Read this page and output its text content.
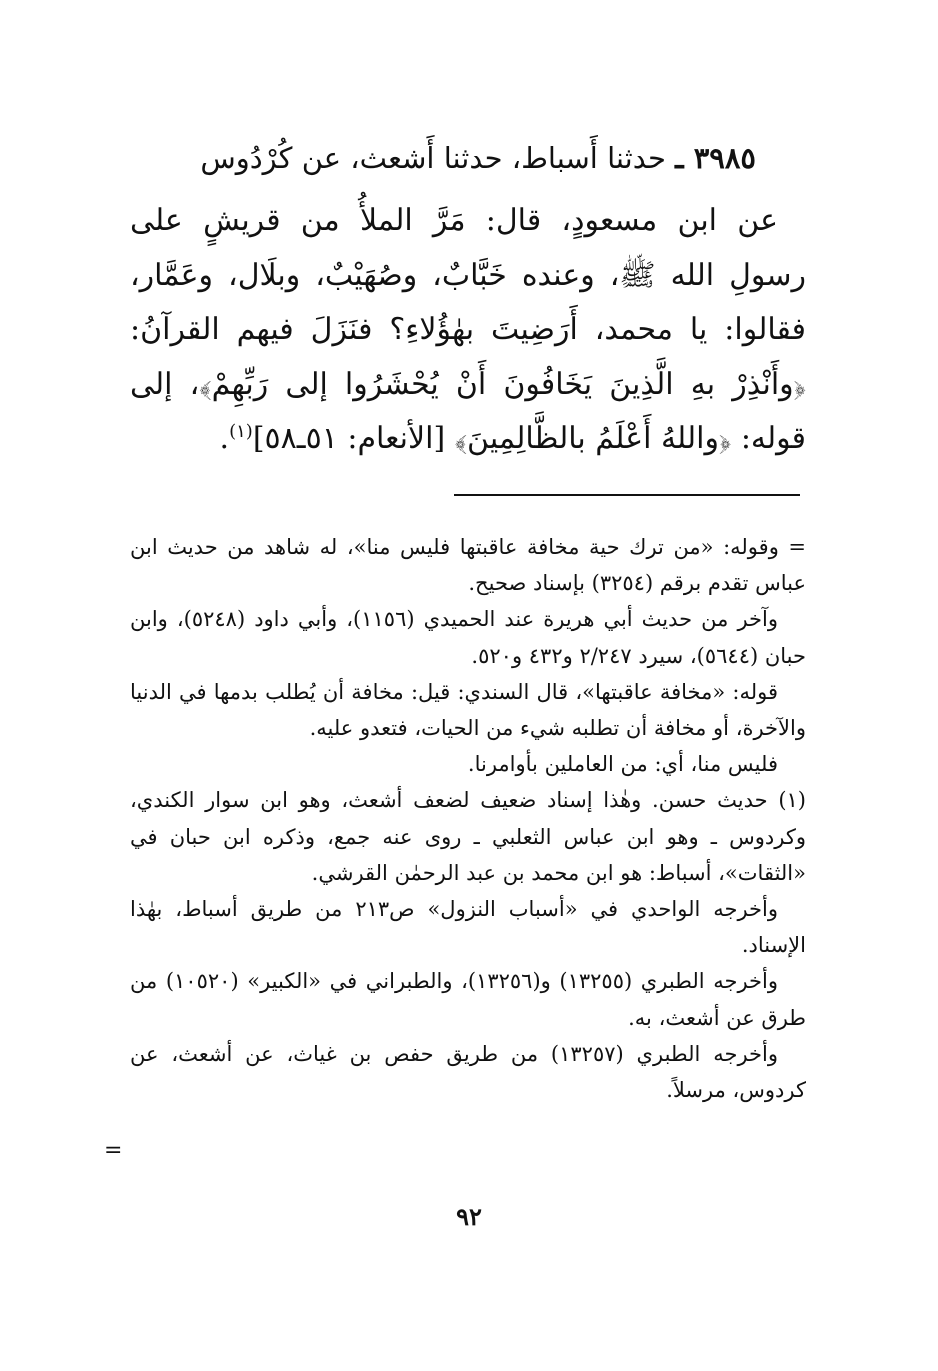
٣٩٨٥ ـ حدثنا أَسباط، حدثنا أَشعث، عن كُرْدُوس

عن ابن مسعودٍ، قال: مَرَّ الملأُ من قريشٍ على رسولِ الله ﷺ، وعنده خَبَّابٌ، وصُهَيْبٌ، وبلَال، وعَمَّار، فقالوا: يا محمد، أَرَضِيتَ بهٰؤُلاءِ؟ فنَزَلَ فيهم القرآنُ: ﴿وأَنْذِرْ بهِ الَّذِينَ يَخَافُونَ أَنْ يُحْشَرُوا إلى رَبِّهِمْ﴾، إلى قوله: ﴿واللهُ أَعْلَمُ بالظَّالِمِينَ﴾ [الأنعام: ٥١ـ٥٨]$^{(١)}$.

= وقوله: «من ترك حية مخافة عاقبتها فليس منا»، له شاهد من حديث ابن عباس تقدم برقم (٣٢٥٤) بإسناد صحيح.

وآخر من حديث أبي هريرة عند الحميدي (١١٥٦)، وأبي داود (٥٢٤٨)، وابن حبان (٥٦٤٤)، سيرد ٢/٢٤٧ و٤٣٢ و٥٢٠.

قوله: «مخافة عاقبتها»، قال السندي: قيل: مخافة أن يُطلب بدمها في الدنيا والآخرة، أو مخافة أن تطلبه شيء من الحيات، فتعدو عليه.

فليس منا، أي: من العاملين بأوامرنا.

(١) حديث حسن. وهٰذا إسناد ضعيف لضعف أشعث، وهو ابن سوار الكندي، وكردوس ـ وهو ابن عباس الثعلبي ـ روى عنه جمع، وذكره ابن حبان في «الثقات»، أسباط: هو ابن محمد بن عبد الرحمٰن القرشي.

وأخرجه الواحدي في «أسباب النزول» ص٢١٣ من طريق أسباط، بهٰذا الإسناد.

وأخرجه الطبري (١٣٢٥٥) و(١٣٢٥٦)، والطبراني في «الكبير» (١٠٥٢٠) من طرق عن أشعث، به.

وأخرجه الطبري (١٣٢٥٧) من طريق حفص بن غياث، عن أشعث، عن كردوس، مرسلاً.

=
٩٢
